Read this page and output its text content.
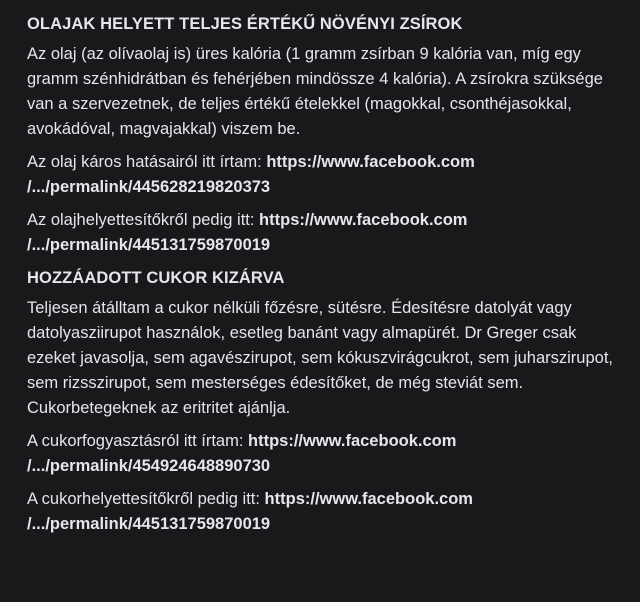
OLAJAK HELYETT TELJES ÉRTÉKŰ NÖVÉNYI ZSÍROK

Az olaj (az olívaolaj is) üres kalória (1 gramm zsírban 9 kalória van, míg egy gramm szénhidrátban és fehérjében mindössze 4 kalória). A zsírokra szüksége van a szervezetnek, de teljes értékű ételekkel (magokkal, csonthéjasokkal, avokádóval, magvajakkal) viszem be.

Az olaj káros hatásairól itt írtam: https://www.facebook.com
/.../permalink/445628219820373

Az olajhelyettesítőkről pedig itt: https://www.facebook.com
/.../permalink/445131759870019

HOZZÁADOTT CUKOR KIZÁRVA

Teljesen átálltam a cukor nélküli főzésre, sütésre. Édesítésre datolyát vagy datolyasziirupot használok, esetleg banánt vagy almapürét. Dr Greger csak ezeket javasolja, sem agavészirupot, sem kókuszvirágcukrot, sem juharszirupot, sem rizsszirupot, sem mesterséges édesítőket, de még steviát sem. Cukorbetegeknek az eritritet ajánlja.

A cukorfogyasztásról itt írtam: https://www.facebook.com
/.../permalink/454924648890730

A cukorhelyettesítőkről pedig itt: https://www.facebook.com
/.../permalink/445131759870019
